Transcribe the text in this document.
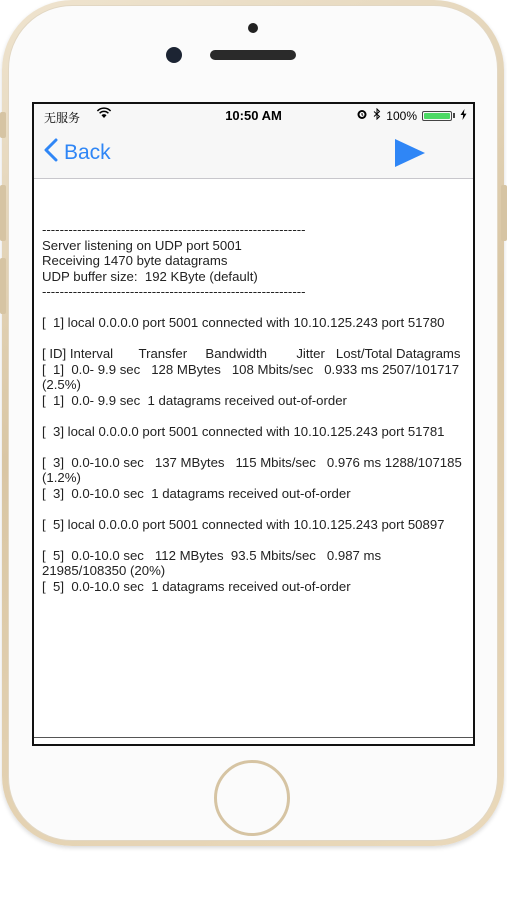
无服务	10:50 AM	100%
Back
------------------------------------------------------------
Server listening on UDP port 5001
Receiving 1470 byte datagrams
UDP buffer size:  192 KByte (default)
------------------------------------------------------------

[  1] local 0.0.0.0 port 5001 connected with 10.10.125.243 port 51780

[ ID] Interval       Transfer     Bandwidth        Jitter   Lost/Total Datagrams
[  1]  0.0- 9.9 sec   128 MBytes   108 Mbits/sec   0.933 ms 2507/101717 (2.5%)
[  1]  0.0- 9.9 sec  1 datagrams received out-of-order

[  3] local 0.0.0.0 port 5001 connected with 10.10.125.243 port 51781

[  3]  0.0-10.0 sec   137 MBytes   115 Mbits/sec   0.976 ms 1288/107185 (1.2%)
[  3]  0.0-10.0 sec  1 datagrams received out-of-order

[  5] local 0.0.0.0 port 5001 connected with 10.10.125.243 port 50897

[  5]  0.0-10.0 sec   112 MBytes  93.5 Mbits/sec   0.987 ms 21985/108350 (20%)
[  5]  0.0-10.0 sec  1 datagrams received out-of-order
